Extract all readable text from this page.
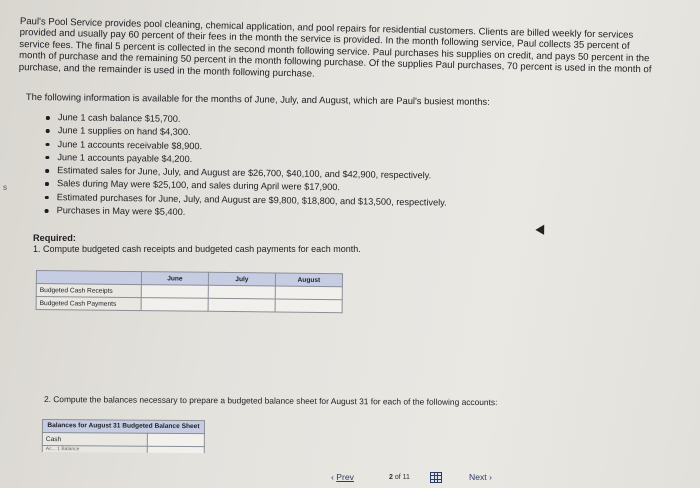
Paul's Pool Service provides pool cleaning, chemical application, and pool repairs for residential customers. Clients are billed weekly for services provided and usually pay 60 percent of their fees in the month the service is provided. In the month following service, Paul collects 35 percent of service fees. The final 5 percent is collected in the second month following service. Paul purchases his supplies on credit, and pays 50 percent in the month of purchase and the remaining 50 percent in the month following purchase. Of the supplies Paul purchases, 70 percent is used in the month of purchase, and the remainder is used in the month following purchase.
The following information is available for the months of June, July, and August, which are Paul's busiest months:
June 1 cash balance $15,700.
June 1 supplies on hand $4,300.
June 1 accounts receivable $8,900.
June 1 accounts payable $4,200.
Estimated sales for June, July, and August are $26,700, $40,100, and $42,900, respectively.
Sales during May were $25,100, and sales during April were $17,900.
Estimated purchases for June, July, and August are $9,800, $18,800, and $13,500, respectively.
Purchases in May were $5,400.
s
Required:
1. Compute budgeted cash receipts and budgeted cash payments for each month.
	June	July	August
Budgeted Cash Receipts			
Budgeted Cash Payments			
2. Compute the balances necessary to prepare a budgeted balance sheet for August 31 for each of the following accounts:
Balances for August 31 Budgeted Balance Sheet	
Cash	
Ac... 1 Balance	
‹ Prev	2 of 11	Next ›
